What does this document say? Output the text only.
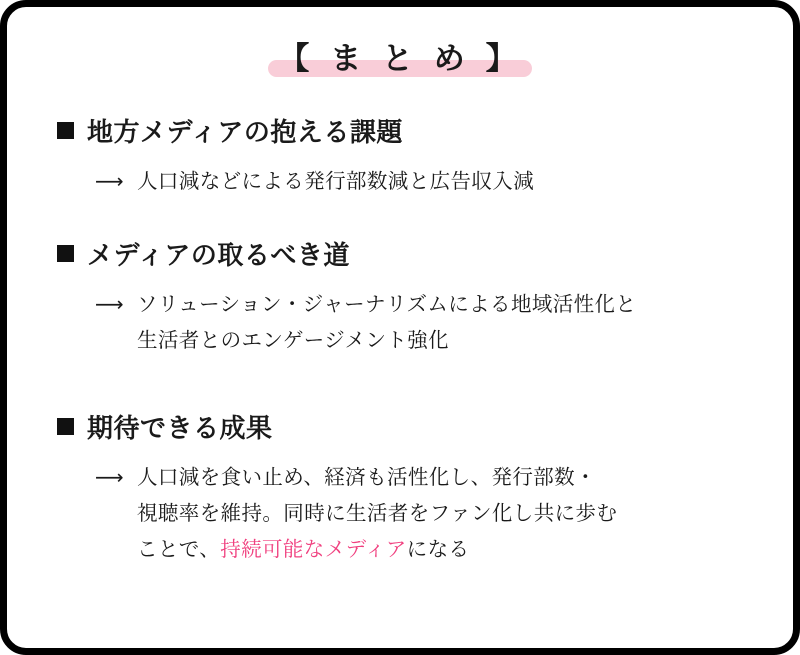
【 ま と め 】
地方メディアの抱える課題
⟶ 人口減などによる発行部数減と広告収入減
メディアの取るべき道
⟶ ソリューション・ジャーナリズムによる地域活性化と
生活者とのエンゲージメント強化
期待できる成果
⟶ 人口減を食い止め、経済も活性化し、発行部数・
視聴率を維持。同時に生活者をファン化し共に歩む
ことで、持続可能なメディアになる
